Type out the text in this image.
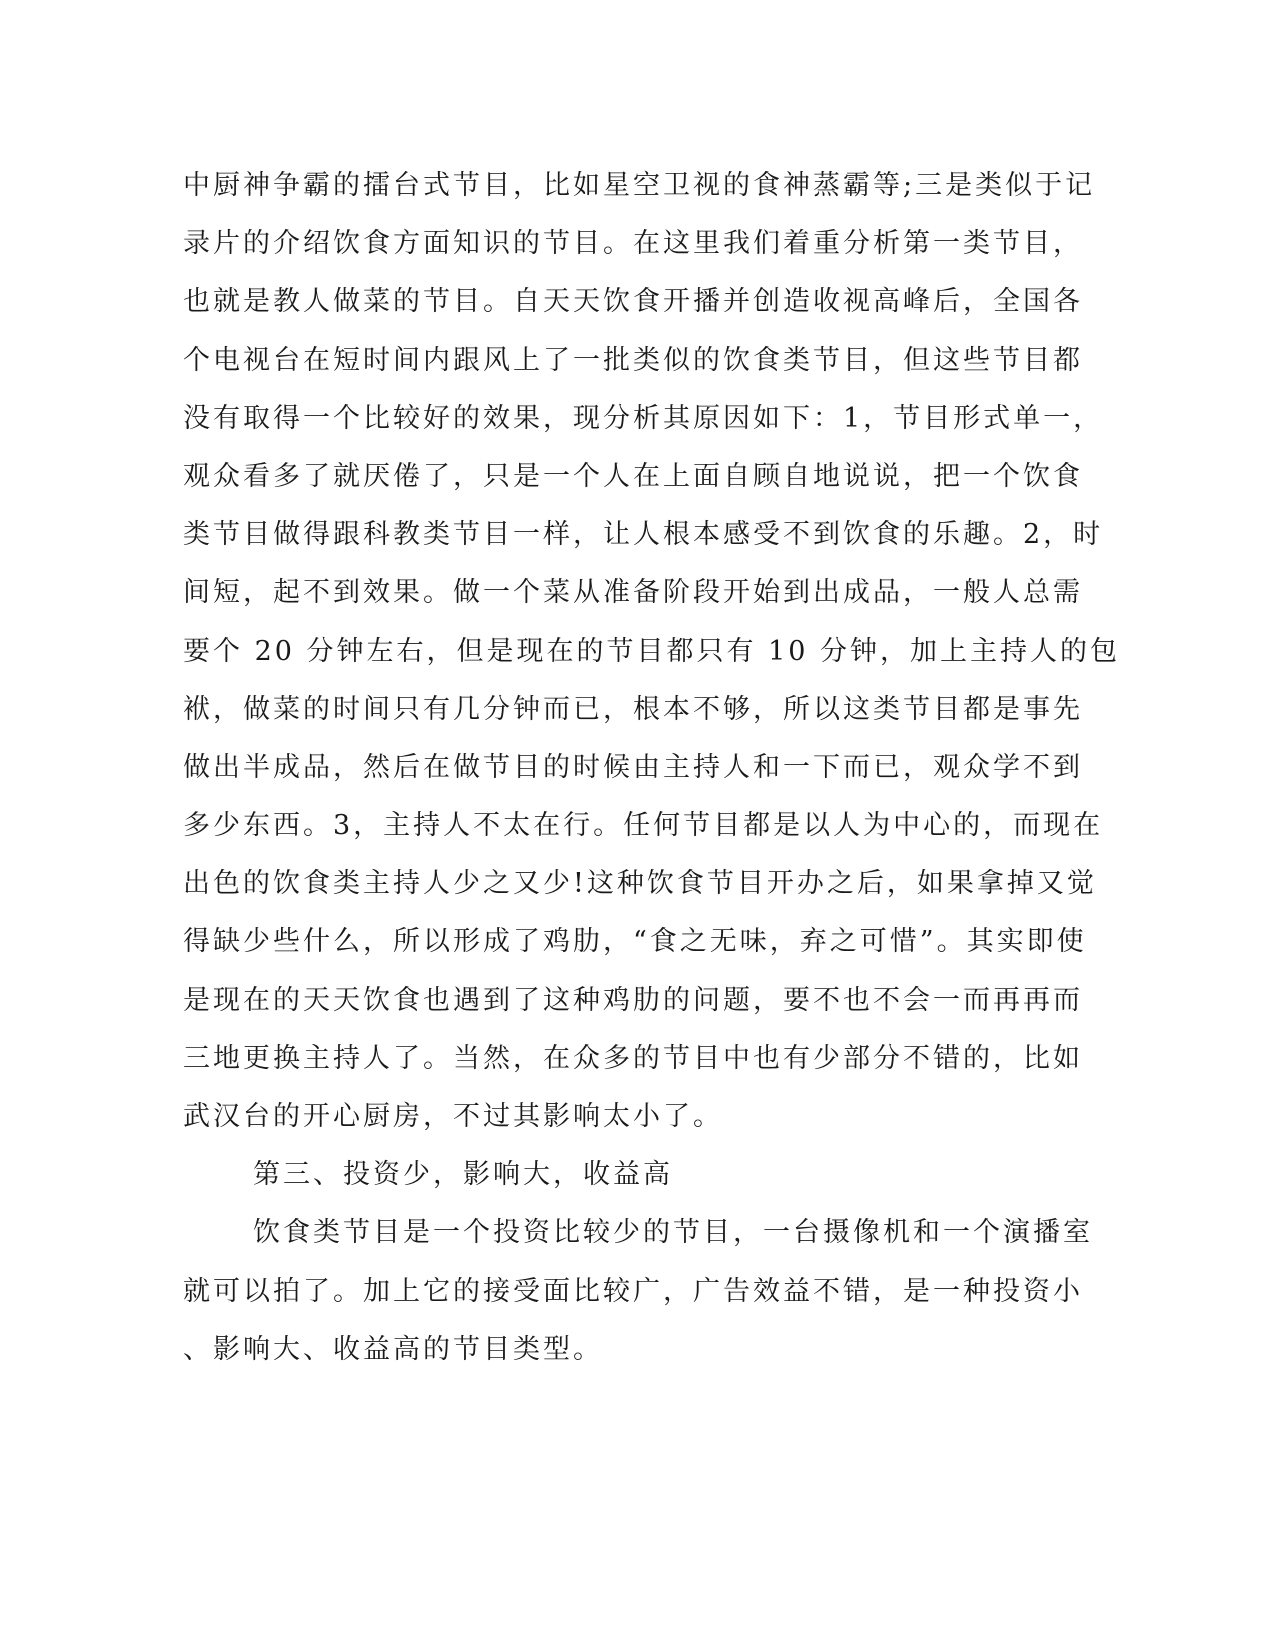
中厨神争霸的擂台式节目，比如星空卫视的食神蒸霸等;三是类似于记
录片的介绍饮食方面知识的节目。在这里我们着重分析第一类节目，
也就是教人做菜的节目。自天天饮食开播并创造收视高峰后，全国各
个电视台在短时间内跟风上了一批类似的饮食类节目，但这些节目都
没有取得一个比较好的效果，现分析其原因如下：1，节目形式单一，
观众看多了就厌倦了，只是一个人在上面自顾自地说说，把一个饮食
类节目做得跟科教类节目一样，让人根本感受不到饮食的乐趣。2，时
间短，起不到效果。做一个菜从准备阶段开始到出成品，一般人总需
要个 20 分钟左右，但是现在的节目都只有 10 分钟，加上主持人的包
袱，做菜的时间只有几分钟而已，根本不够，所以这类节目都是事先
做出半成品，然后在做节目的时候由主持人和一下而已，观众学不到
多少东西。3，主持人不太在行。任何节目都是以人为中心的，而现在
出色的饮食类主持人少之又少!这种饮食节目开办之后，如果拿掉又觉
得缺少些什么，所以形成了鸡肋，“食之无味，弃之可惜”。其实即使
是现在的天天饮食也遇到了这种鸡肋的问题，要不也不会一而再再而
三地更换主持人了。当然，在众多的节目中也有少部分不错的，比如
武汉台的开心厨房，不过其影响太小了。
第三、投资少，影响大，收益高
饮食类节目是一个投资比较少的节目，一台摄像机和一个演播室
就可以拍了。加上它的接受面比较广，广告效益不错，是一种投资小
、影响大、收益高的节目类型。
